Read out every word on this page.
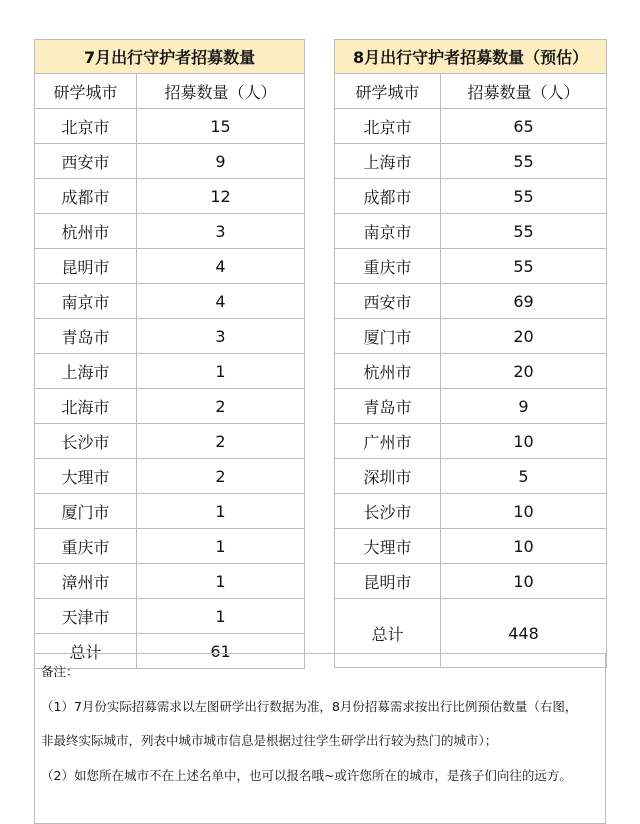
7月出行守护者招募数量	
研学城市	招募数量（人）
北京市	15
西安市	9
成都市	12
杭州市	3
昆明市	4
南京市	4
青岛市	3
上海市	1
北海市	2
长沙市	2
大理市	2
厦门市	1
重庆市	1
漳州市	1
天津市	1
总计	61
8月出行守护者招募数量（预估）	
研学城市	招募数量（人）
北京市	65
上海市	55
成都市	55
南京市	55
重庆市	55
西安市	69
厦门市	20
杭州市	20
青岛市	9
广州市	10
深圳市	5
长沙市	10
大理市	10
昆明市	10
总计	448
备注：
（1）7月份实际招募需求以左图研学出行数据为准，8月份招募需求按出行比例预估数量（右图，
非最终实际城市，列表中城市城市信息是根据过往学生研学出行较为热门的城市）；
（2）如您所在城市不在上述名单中，也可以报名哦~或许您所在的城市，是孩子们向往的远方。
